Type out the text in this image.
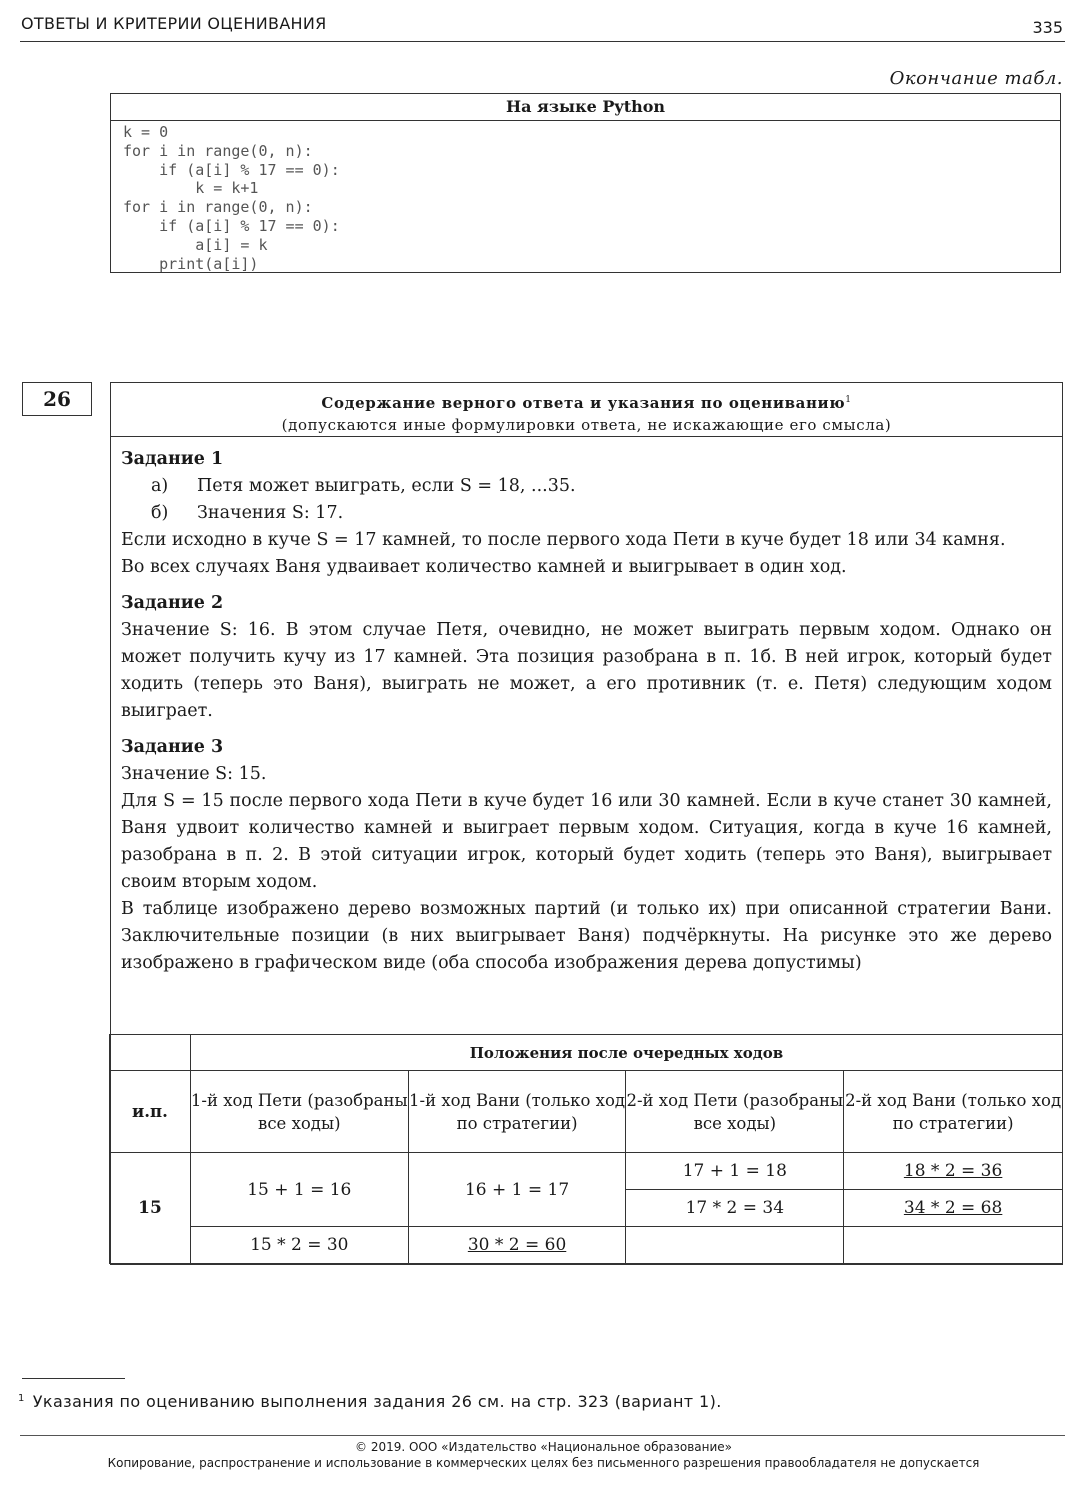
ОТВЕТЫ И КРИТЕРИИ ОЦЕНИВАНИЯ	335
Окончание табл.
На языке Python
k = 0
for i in range(0, n):
if (a[i] % 17 == 0):
k = k+1
for i in range(0, n):
if (a[i] % 17 == 0):
a[i] = k
print(a[i])
26	Содержание верного ответа и указания по оцениванию$^1$
(допускаются иные формулировки ответа, не искажающие его смысла)

Задание 1

а) Петя может выиграть, если S = 18, ...35.

б) Значения S: 17.

Если исходно в куче S = 17 камней, то после первого хода Пети в куче будет 18 или 34 камня.

Во всех случаях Ваня удваивает количество камней и выигрывает в один ход.

Задание 2

Значение S: 16. В этом случае Петя, очевидно, не может выиграть первым ходом. Однако он может получить кучу из 17 камней. Эта позиция разобрана в п. 1б. В ней игрок, который будет ходить (теперь это Ваня), выиграть не может, а его противник (т. е. Петя) следующим ходом выиграет.

Задание 3

Значение S: 15.

Для S = 15 после первого хода Пети в куче будет 16 или 30 камней. Если в куче станет 30 камней, Ваня удвоит количество камней и выиграет первым ходом. Ситуация, когда в куче 16 камней, разобрана в п. 2. В этой ситуации игрок, который будет ходить (теперь это Ваня), выигрывает своим вторым ходом.

В таблице изображено дерево возможных партий (и только их) при описанной стратегии Вани. Заключительные позиции (в них выигрывает Ваня) подчёркнуты. На рисунке это же дерево изображено в графическом виде (оба способа изображения дерева допустимы)

	Положения после очередных ходов			
и.п.	1-й ход Пети (разобраны все ходы)	1-й ход Вани (только ход по стратегии)	2-й ход Пети (разобраны все ходы)	2-й ход Вани (только ход по стратегии)
15	15 + 1 = 16	16 + 1 = 17	17 + 1 = 18	18 * 2 = 36
			17 * 2 = 34	34 * 2 = 68
	15 * 2 = 30	30 * 2 = 60		
$^1$ Указания по оцениванию выполнения задания 26 см. на стр. 323 (вариант 1).
© 2019. ООО «Издательство «Национальное образование»
Копирование, распространение и использование в коммерческих целях без письменного разрешения правообладателя не допускается
